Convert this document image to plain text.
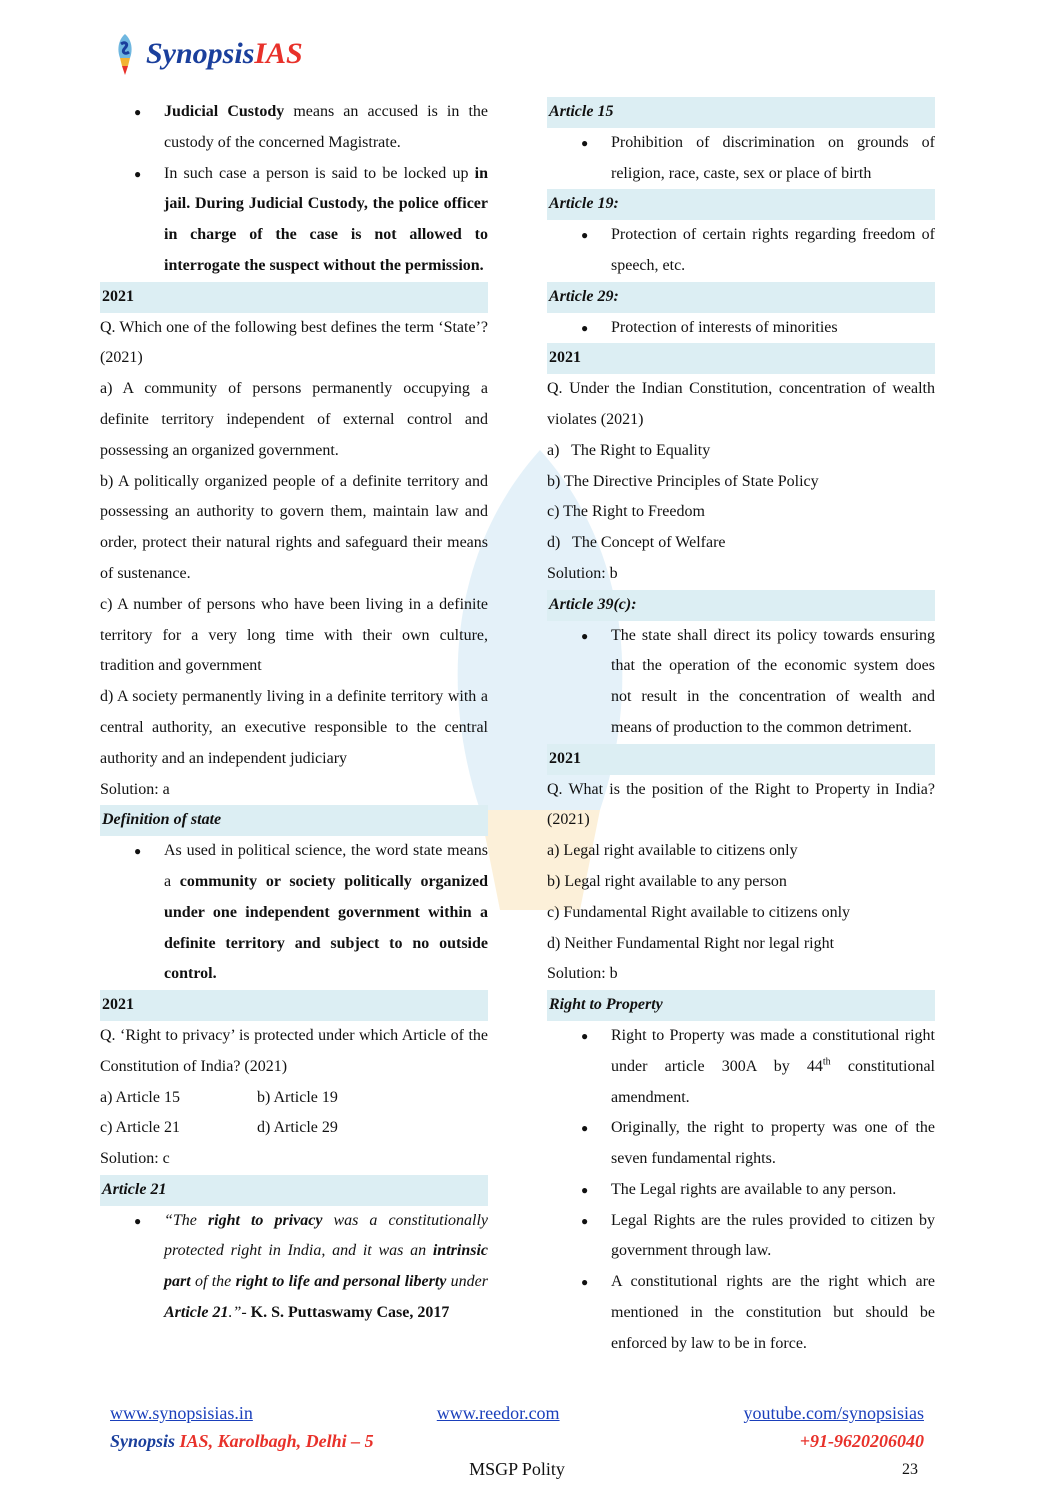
SynopsisIAS
●	Judicial Custody means an accused is in the custody of the concerned Magistrate.
●	In such case a person is said to be locked up in jail. During Judicial Custody, the police officer in charge of the case is not allowed to interrogate the suspect without the permission.
2021
Q. Which one of the following best defines the term ‘State’? (2021)
a) A community of persons permanently occupying a definite territory independent of external control and possessing an organized government.
b) A politically organized people of a definite territory and possessing an authority to govern them, maintain law and order, protect their natural rights and safeguard their means of sustenance.
c) A number of persons who have been living in a definite territory for a very long time with their own culture, tradition and government
d) A society permanently living in a definite territory with a central authority, an executive responsible to the central authority and an independent judiciary
Solution: a
Definition of state
●	As used in political science, the word state means a community or society politically organized under one independent government within a definite territory and subject to no outside control.
2021
Q. ‘Right to privacy’ is protected under which Article of the Constitution of India? (2021)
a) Article 15	b) Article 19
c) Article 21	d) Article 29
Solution: c
Article 21
●	“The right to privacy was a constitutionally protected right in India, and it was an intrinsic part of the right to life and personal liberty under Article 21.”- K. S. Puttaswamy Case, 2017
Article 15
●	Prohibition of discrimination on grounds of religion, race, caste, sex or place of birth
Article 19:
●	Protection of certain rights regarding freedom of speech, etc.
Article 29:
●	Protection of interests of minorities
2021
Q. Under the Indian Constitution, concentration of wealth violates (2021)
a)   The Right to Equality
b) The Directive Principles of State Policy
c) The Right to Freedom
d)   The Concept of Welfare
Solution: b
Article 39(c):
●	The state shall direct its policy towards ensuring that the operation of the economic system does not result in the concentration of wealth and means of production to the common detriment.
2021
Q. What is the position of the Right to Property in India? (2021)
a) Legal right available to citizens only
b) Legal right available to any person
c) Fundamental Right available to citizens only
d) Neither Fundamental Right nor legal right
Solution: b
Right to Property
●	Right to Property was made a constitutional right under article 300A by 44th constitutional amendment.
●	Originally, the right to property was one of the seven fundamental rights.
●	The Legal rights are available to any person.
●	Legal Rights are the rules provided to citizen by government through law.
●	A constitutional rights are the right which are mentioned in the constitution but should be enforced by law to be in force.
www.synopsisias.in	www.reedor.com	youtube.com/synopsisias
Synopsis IAS, Karolbagh, Delhi – 5	+91-9620206040
MSGP Polity	23
